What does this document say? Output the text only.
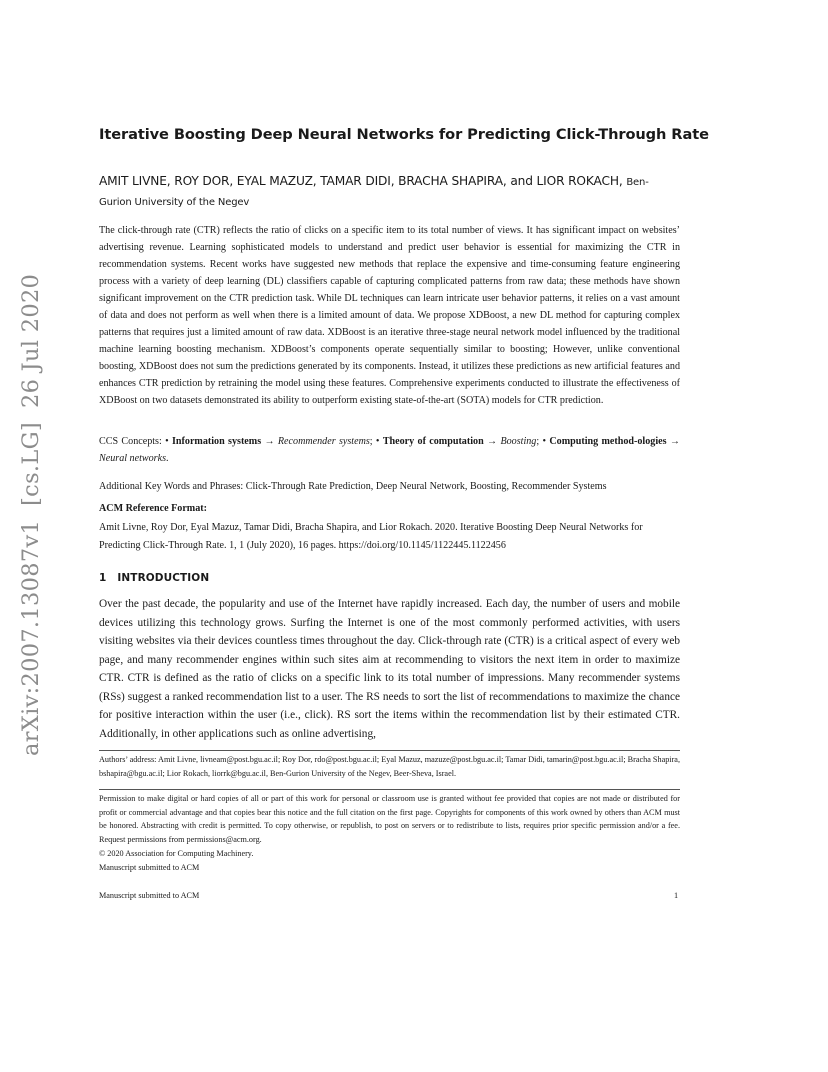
arXiv:2007.13087v1[cs.LG]26 Jul 2020
Iterative Boosting Deep Neural Networks for Predicting Click-Through Rate
AMIT LIVNE, ROY DOR, EYAL MAZUZ, TAMAR DIDI, BRACHA SHAPIRA, and LIOR ROKACH, Ben-
Gurion University of the Negev
The click-through rate (CTR) reflects the ratio of clicks on a specific item to its total number of views. It has significant impact on websites’ advertising revenue. Learning sophisticated models to understand and predict user behavior is essential for maximizing the CTR in recommendation systems. Recent works have suggested new methods that replace the expensive and time-consuming feature engineering process with a variety of deep learning (DL) classifiers capable of capturing complicated patterns from raw data; these methods have shown significant improvement on the CTR prediction task. While DL techniques can learn intricate user behavior patterns, it relies on a vast amount of data and does not perform as well when there is a limited amount of data. We propose XDBoost, a new DL method for capturing complex patterns that requires just a limited amount of raw data. XDBoost is an iterative three-stage neural network model influenced by the traditional machine learning boosting mechanism. XDBoost’s components operate sequentially similar to boosting; However, unlike conventional boosting, XDBoost does not sum the predictions generated by its components. Instead, it utilizes these predictions as new artificial features and enhances CTR prediction by retraining the model using these features. Comprehensive experiments conducted to illustrate the effectiveness of XDBoost on two datasets demonstrated its ability to outperform existing state-of-the-art (SOTA) models for CTR prediction.
CCS Concepts: • Information systems → Recommender systems; • Theory of computation → Boosting; • Computing method-ologies → Neural networks.
Additional Key Words and Phrases: Click-Through Rate Prediction, Deep Neural Network, Boosting, Recommender Systems
ACM Reference Format:
Amit Livne, Roy Dor, Eyal Mazuz, Tamar Didi, Bracha Shapira, and Lior Rokach. 2020. Iterative Boosting Deep Neural Networks for Predicting Click-Through Rate. 1, 1 (July 2020), 16 pages. https://doi.org/10.1145/1122445.1122456
1 INTRODUCTION
Over the past decade, the popularity and use of the Internet have rapidly increased. Each day, the number of users and mobile devices utilizing this technology grows. Surfing the Internet is one of the most commonly performed activities, with users visiting websites via their devices countless times throughout the day. Click-through rate (CTR) is a critical aspect of every web page, and many recommender engines within such sites aim at recommending to visitors the next item in order to maximize CTR. CTR is defined as the ratio of clicks on a specific link to its total number of impressions. Many recommender systems (RSs) suggest a ranked recommendation list to a user. The RS needs to sort the list of recommendations to maximize the chance for positive interaction within the user (i.e., click). RS sort the items within the recommendation list by their estimated CTR. Additionally, in other applications such as online advertising,
Authors’ address: Amit Livne, livneam@post.bgu.ac.il; Roy Dor, rdo@post.bgu.ac.il; Eyal Mazuz, mazuze@post.bgu.ac.il; Tamar Didi, tamarin@post.bgu.ac.il; Bracha Shapira, bshapira@bgu.ac.il; Lior Rokach, liorrk@bgu.ac.il, Ben-Gurion University of the Negev, Beer-Sheva, Israel.
Permission to make digital or hard copies of all or part of this work for personal or classroom use is granted without fee provided that copies are not made or distributed for profit or commercial advantage and that copies bear this notice and the full citation on the first page. Copyrights for components of this work owned by others than ACM must be honored. Abstracting with credit is permitted. To copy otherwise, or republish, to post on servers or to redistribute to lists, requires prior specific permission and/or a fee. Request permissions from permissions@acm.org.
© 2020 Association for Computing Machinery.
Manuscript submitted to ACM
Manuscript submitted to ACM	1
